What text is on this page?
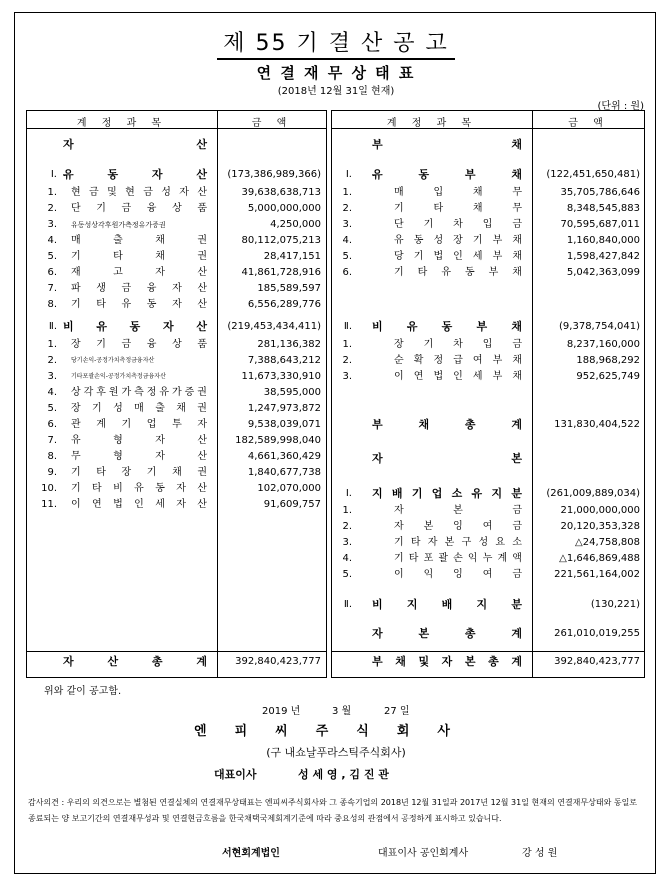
제 55 기 결 산 공 고
연 결 재 무 상 태 표
(2018년 12월 31일 현재)
(단위 : 원)
계 정 과 목	금 액
자	산
Ⅰ. 유	동	자	산	(173,386,989,366)
1. 현 금 및 현 금 성 자 산	39,638,638,713
2. 단 기 금 융 상 품	5,000,000,000
3. 유동성상각후원가측정유가증권	4,250,000
4. 매	출	채	권	80,112,075,213
5. 기	타	채	권	28,417,151
6. 재	고	자	산	41,861,728,916
7. 파 생 금 융 자 산	185,589,597
8. 기 타 유 동 자 산	6,556,289,776
Ⅱ. 비 유 동 자 산	(219,453,434,411)
1. 장 기 금 융 상 품	281,136,382
2. 당기손익-공정가치측정금융자산	7,388,643,212
3. 기타포괄손익-공정가치측정금융자산	11,673,330,910
4. 상 각 후 원 가 측 정 유 가 증 권	38,595,000
5. 장 기 성 매 출 채 권	1,247,973,872
6. 관 계 기 업 투 자	9,538,039,071
7. 유	형	자	산	182,589,998,040
8. 무	형	자	산	4,661,360,429
9. 기 타 장 기 채 권	1,840,677,738
10. 기 타 비 유 동 자 산	102,070,000
11. 이 연 법 인 세 자 산	91,609,757
자	산	총	계	392,840,423,777
계 정 과 목	금 액
부	채
Ⅰ. 유	동	부	채	(122,451,650,481)
1.	매	입	채	무	35,705,786,646
2.	기	타	채	무	8,348,545,883
3.	단 기 차 입 금	70,595,687,011
4.	유 동 성 장 기 부 채	1,160,840,000
5.	당 기 법 인 세 부 채	1,598,427,842
6.	기 타 유 동 부 채	5,042,363,099
Ⅱ. 비 유 동 부 채	(9,378,754,041)
1.	장 기 차 입 금	8,237,160,000
2.	순 확 정 급 여 부 채	188,968,292
3.	이 연 법 인 세 부 채	952,625,749
부	채	총	계	131,830,404,522
자	본
Ⅰ. 지 배 기 업 소 유 지 분	(261,009,889,034)
1.	자	본	금	21,000,000,000
2.	자 본 잉 여 금	20,120,353,328
3.	기 타 자 본 구 성 요 소	△24,758,808
4.	기 타 포 괄 손 익 누 계 액	△1,646,869,488
5.	이 익 잉 여 금	221,561,164,002
Ⅱ. 비 지 배 지 분	(130,221)
자	본	총	계	261,010,019,255
부 채 및 자 본 총 계	392,840,423,777
위와 같이 공고함.
2019 년	3 월	27 일
엔피씨주식회사
(구 내쇼날푸라스틱주식회사)
대표이사	성 세 영 , 김 진 관
감사의견 : 우리의 의견으로는 별첨된 연결실체의 연결재무상태표는 엔피씨주식회사와 그 종속기업의 2018년 12월 31일과 2017년 12월 31일 현재의 연결재무상태와 동일로 종료되는 양 보고기간의 연결재무성과 및 연결현금흐름을 한국채택국제회계기준에 따라 중요성의 관점에서 공정하게 표시하고 있습니다.
서현회계법인	대표이사 공인회계사	강 성 원
